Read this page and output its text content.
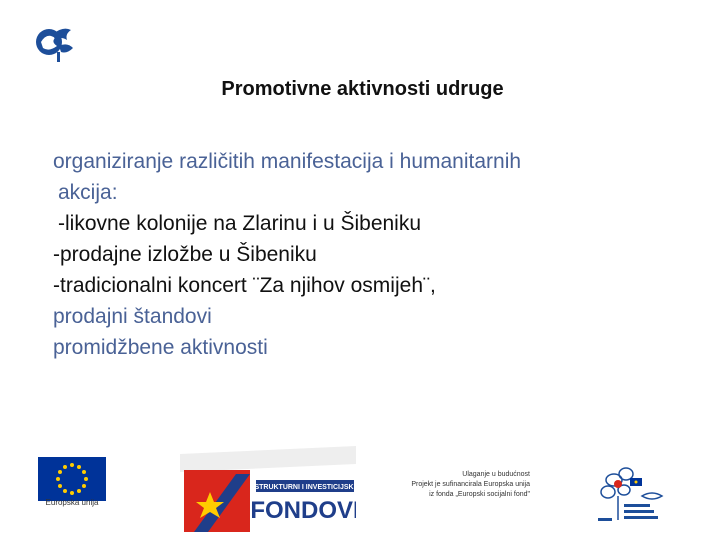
Promotivne aktivnosti udruge
organiziranje različitih manifestacija i humanitarnih
akcija:
-likovne kolonije na Zlarinu i u Šibeniku
-prodajne izložbe u Šibeniku
-tradicionalni koncert ¨Za njihov osmijeh¨,
prodajni štandovi
promidžbene aktivnosti
Europska unija
STRUKTURNI I INVESTICIJSKI
FONDOVI
Ulaganje u budućnost
Projekt je sufinancirala Europska unija
iz fonda „Europski socijalni fond"
